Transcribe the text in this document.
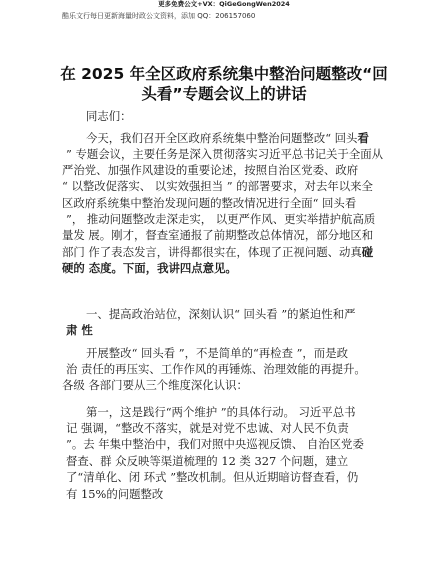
更多免费公文+VX：QiGeGongWen2024
酷乐文行每日更新海量时政公文资料，添加 QQ：206157060
在 2025 年全区政府系统集中整治问题整改“回
头看”专题会议上的讲话
同志们：
今天，我们召开全区政府系统集中整治问题整改“ 回头看
” 专题会议，主要任务是深入贯彻落实习近平总书记关于全面从
严治党、加强作风建设的重要论述，按照自治区党委、政府
“ 以整改促落实、 以实效强担当 ” 的部署要求，对去年以来全
区政府系统集中整治发现问题的整改情况进行全面“ 回头看
”， 推动问题整改走深走实， 以更严作风、更实举措护航高质
量发 展。刚才，督查室通报了前期整改总体情况，部分地区和
部门 作了表态发言，讲得都很实在，体现了正视问题、动真碰
硬的 态度。下面，我讲四点意见。
一、提高政治站位，深刻认识“ 回头看 ”的紧迫性和严
肃 性
开展整改“ 回头看 ”，不是简单的“再检查 ”，而是政
治 责任的再压实、工作作风的再锤炼、治理效能的再提升。
各级 各部门要从三个维度深化认识：
第一，这是践行“两个维护 ”的具体行动。 习近平总书
记 强调，“整改不落实，就是对党不忠诚、对人民不负责
”。去 年集中整治中，我们对照中央巡视反馈、 自治区党委
督查、群 众反映等渠道梳理的 12 类 327 个问题，建立
了“清单化、闭 环式 ”整改机制。但从近期暗访督查看，仍
有 15%的问题整改
